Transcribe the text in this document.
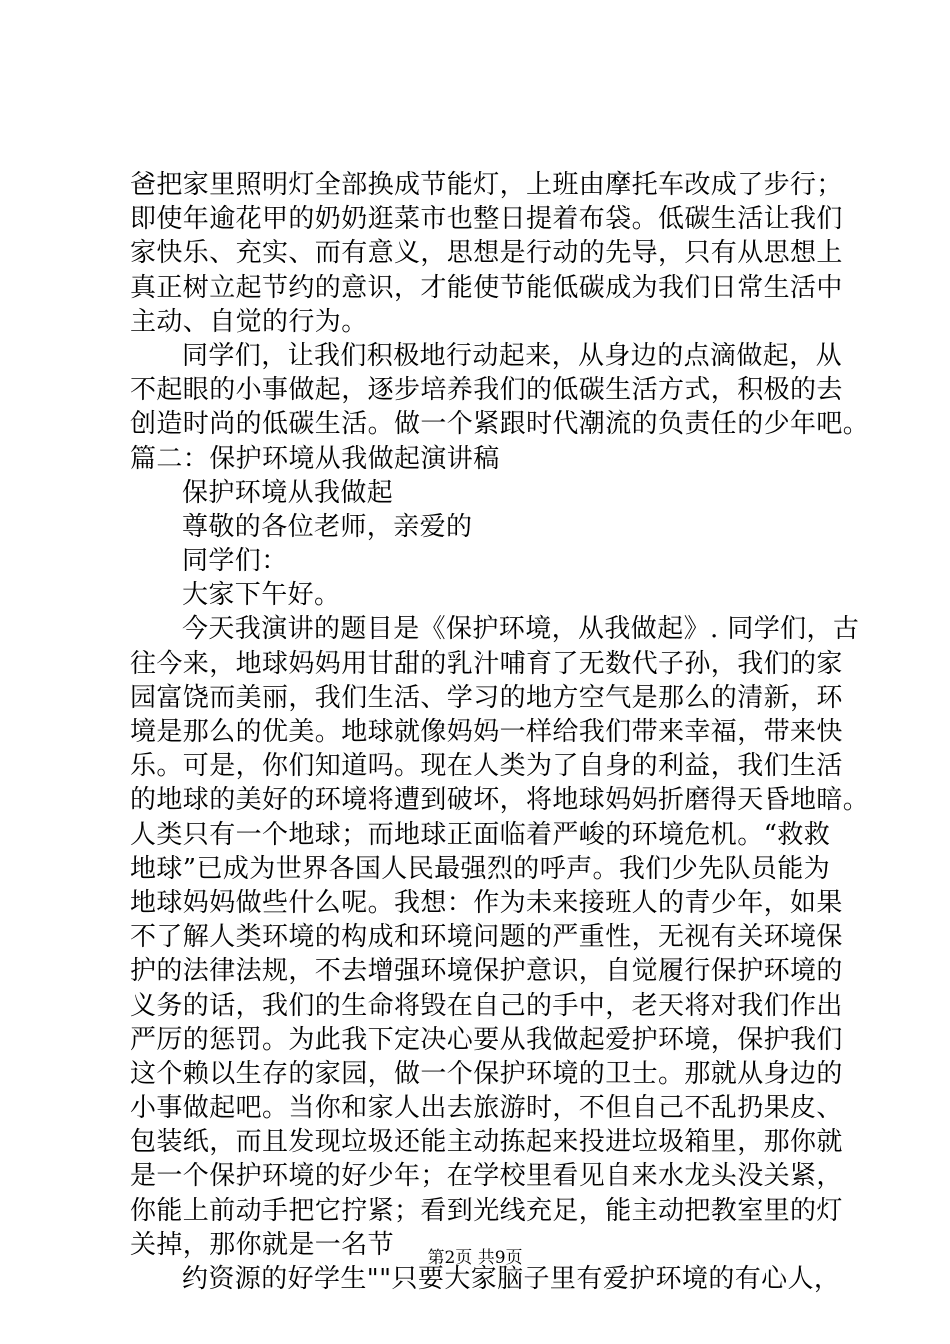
爸把家里照明灯全部换成节能灯，上班由摩托车改成了步行；
即使年逾花甲的奶奶逛菜市也整日提着布袋。低碳生活让我们
家快乐、充实、而有意义，思想是行动的先导，只有从思想上
真正树立起节约的意识，才能使节能低碳成为我们日常生活中
主动、自觉的行为。
同学们，让我们积极地行动起来，从身边的点滴做起，从
不起眼的小事做起，逐步培养我们的低碳生活方式，积极的去
创造时尚的低碳生活。做一个紧跟时代潮流的负责任的少年吧。
篇二：保护环境从我做起演讲稿
保护环境从我做起
尊敬的各位老师，亲爱的
同学们：
大家下午好。
今天我演讲的题目是《保护环境，从我做起》. 同学们，古
往今来，地球妈妈用甘甜的乳汁哺育了无数代子孙，我们的家
园富饶而美丽，我们生活、学习的地方空气是那么的清新，环
境是那么的优美。地球就像妈妈一样给我们带来幸福，带来快
乐。可是，你们知道吗。现在人类为了自身的利益，我们生活
的地球的美好的环境将遭到破坏，将地球妈妈折磨得天昏地暗。
人类只有一个地球；而地球正面临着严峻的环境危机。“救救
地球”已成为世界各国人民最强烈的呼声。我们少先队员能为
地球妈妈做些什么呢。我想：作为未来接班人的青少年，如果
不了解人类环境的构成和环境问题的严重性，无视有关环境保
护的法律法规，不去增强环境保护意识，自觉履行保护环境的
义务的话，我们的生命将毁在自己的手中，老天将对我们作出
严厉的惩罚。为此我下定决心要从我做起爱护环境，保护我们
这个赖以生存的家园，做一个保护环境的卫士。那就从身边的
小事做起吧。当你和家人出去旅游时，不但自己不乱扔果皮、
包装纸，而且发现垃圾还能主动拣起来投进垃圾箱里，那你就
是一个保护环境的好少年；在学校里看见自来水龙头没关紧，
你能上前动手把它拧紧；看到光线充足，能主动把教室里的灯
关掉，那你就是一名节
约资源的好学生""只要大家脑子里有爱护环境的有心人，
第2页 共9页
